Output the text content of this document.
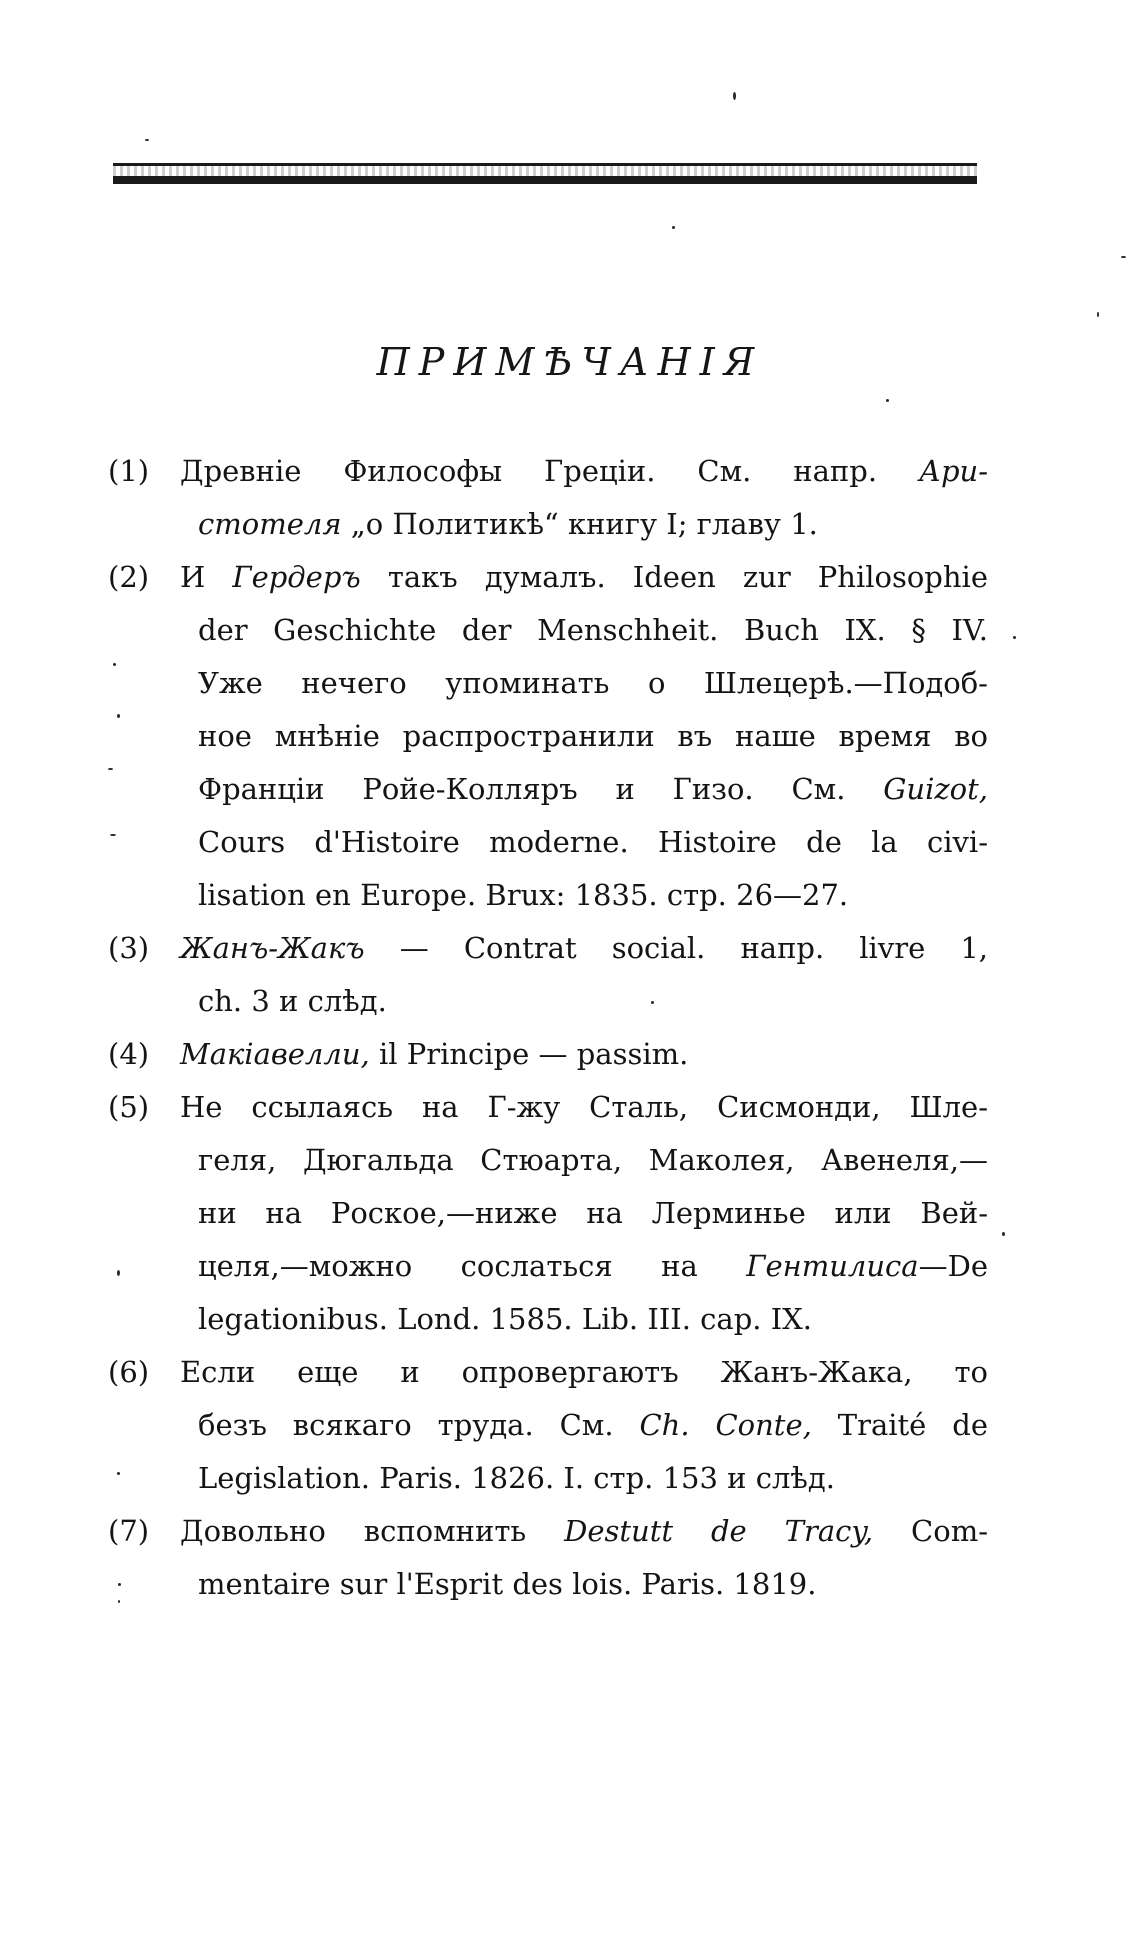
ПРИМѢЧАНIЯ
(1) Древнiе Философы Грецiи. См. напр. Ари-
стотеля „о Политикѣ“ книгу I; главу 1.
(2) И Гердеръ такъ думалъ. Ideen zur Philosophie
der Geschichte der Menschheit. Buch IX. § IV.
Уже нечего упоминать о Шлецерѣ.—Подоб-
ное мнѣнiе распространили въ наше время во
Францiи Ройе-Колляръ и Гизо. См. Guizot,
Cours d'Histoire moderne. Histoire de la civi-
lisation en Europe. Brux: 1835. стр. 26—27.
(3) Жанъ-Жакъ — Contrat social. напр. livre 1,
ch. 3 и слѣд.
(4) Макiавелли, il Principe — passim.
(5) Не ссылаясь на Г-жу Сталь, Сисмонди, Шле-
геля, Дюгальда Стюарта, Маколея, Авенеля,—
ни на Роское,—ниже на Лерминье или Вей-
целя,—можно сослаться на Гентилиса—De
legationibus. Lond. 1585. Lib. III. cap. IX.
(6) Если еще и опровергаютъ Жанъ-Жака, то
безъ всякаго труда. См. Ch. Conte, Traité de
Legislation. Paris. 1826. I. стр. 153 и слѣд.
(7) Довольно вспомнить Destutt de Tracy, Com-
mentaire sur l'Esprit des lois. Paris. 1819.
